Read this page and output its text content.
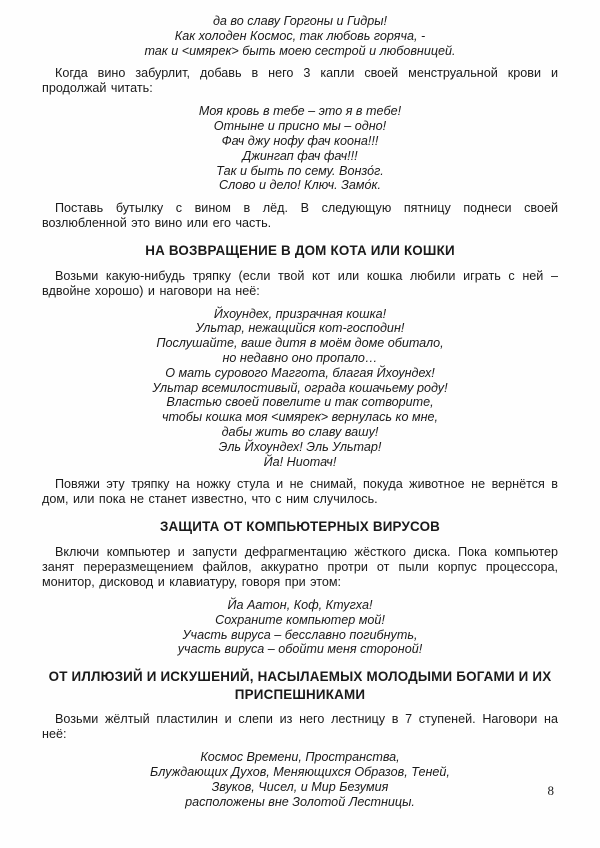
да во славу Горгоны и Гидры!
Как холоден Космос, так любовь горяча, -
так и <имярек> быть моею сестрой и любовницей.

Когда вино забурлит, добавь в него 3 капли своей менструальной крови и продолжай читать:

Моя кровь в тебе – это я в тебе!
Отныне и присно мы – одно!
Фач джу нофу фач коона!!!
Джингап фач фач!!!
Так и быть по сему. Вонзо́г.
Слово и дело! Ключ. Замо́к.

Поставь бутылку с вином в лёд. В следующую пятницу поднеси своей возлюбленной это вино или его часть.

НА ВОЗВРАЩЕНИЕ В ДОМ КОТА ИЛИ КОШКИ

Возьми какую-нибудь тряпку (если твой кот или кошка любили играть с ней – вдвойне хорошо) и наговори на неё:

Йхоундех, призрачная кошка!
Ультар, нежащийся кот-господин!
Послушайте, ваше дитя в моём доме обитало,
но недавно оно пропало…
О мать сурового Маггота, благая Йхоундех!
Ультар всемилостивый, ограда кошачьему роду!
Властью своей повелите и так сотворите,
чтобы кошка моя <имярек> вернулась ко мне,
дабы жить во славу вашу!
Эль Йхоундех! Эль Ультар!
Йа! Ниотач!

Повяжи эту тряпку на ножку стула и не снимай, покуда животное не вернётся в дом, или пока не станет известно, что с ним случилось.

ЗАЩИТА ОТ КОМПЬЮТЕРНЫХ ВИРУСОВ

Включи компьютер и запусти дефрагментацию жёсткого диска. Пока компьютер занят переразмещением файлов, аккуратно протри от пыли корпус процессора, монитор, дисковод и клавиатуру, говоря при этом:

Йа Аатон, Коф, Ктугха!
Сохраните компьютер мой!
Участь вируса – бесславно погибнуть,
участь вируса – обойти меня стороной!
ОТ ИЛЛЮЗИЙ И ИСКУШЕНИЙ, НАСЫЛАЕМЫХ МОЛОДЫМИ БОГАМИ И ИХ ПРИСПЕШНИКАМИ

Возьми жёлтый пластилин и слепи из него лестницу в 7 ступеней. Наговори на неё:

Космос Времени, Пространства,
Блуждающих Духов, Меняющихся Образов, Теней,
Звуков, Чисел, и Мир Безумия
расположены вне Золотой Лестницы.
8
